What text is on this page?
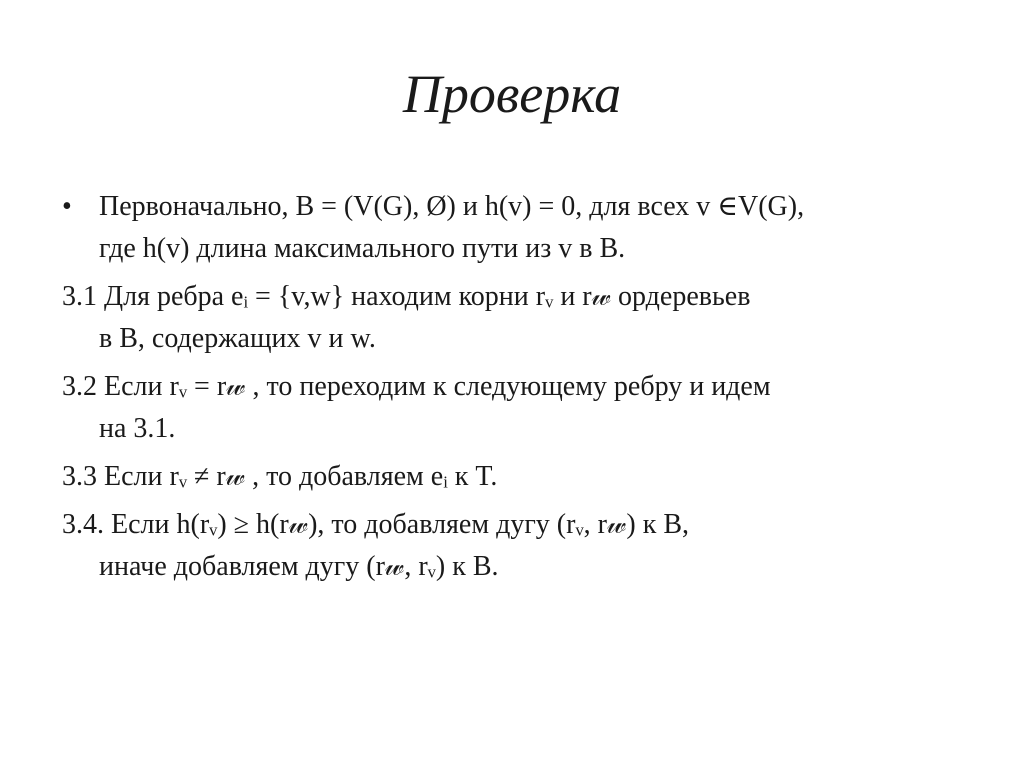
Проверка
• Первоначально, B = (V(G), Ø) и h(v) = 0, для всех v ∈V(G),
где h(v) длина максимального пути из v в B.
3.1 Для ребра eᵢ = {v,w} находим корни rᵥ и r𝓌 ордеревьев
в B, содержащих v и w.
3.2 Если rᵥ = r𝓌 , то переходим к следующему ребру и идем
на 3.1.
3.3 Если rᵥ ≠ r𝓌 , то добавляем eᵢ к T.
3.4. Если h(rᵥ) ≥ h(r𝓌), то добавляем дугу (rᵥ, r𝓌) к B,
иначе добавляем дугу (r𝓌, rᵥ) к B.
